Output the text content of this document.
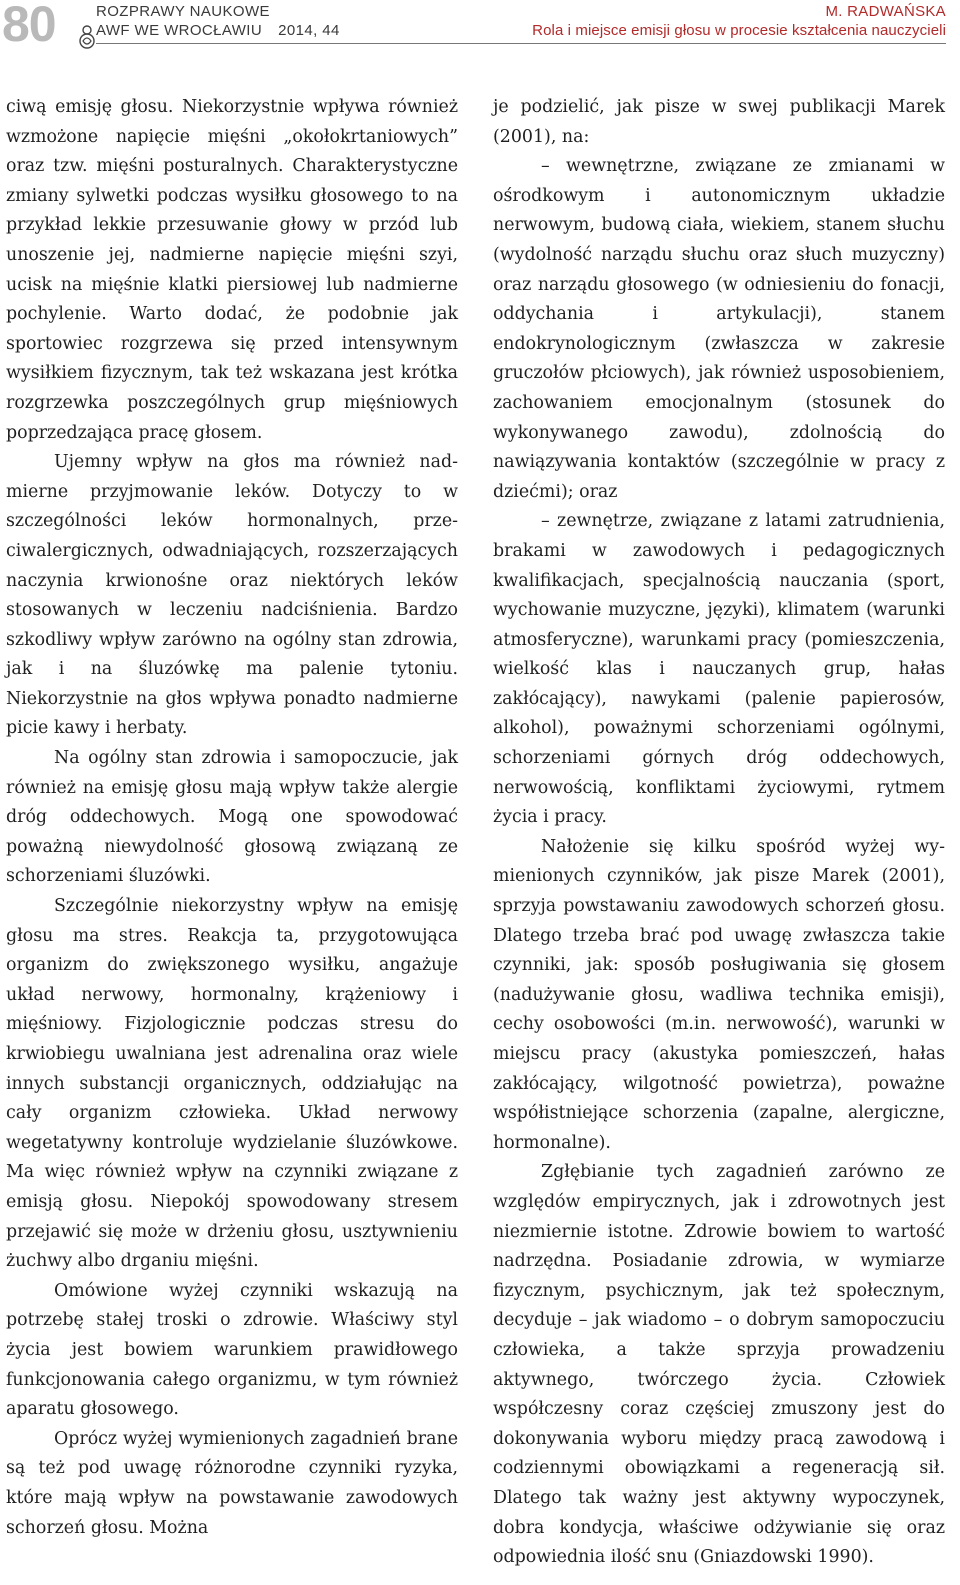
80	ROZPRAWY NAUKOWE
AWF WE WROCŁAWIU 2014, 44
M. RADWAŃSKA
Rola i miejsce emisji głosu w procesie kształcenia nauczycieli

ciwą emisję głosu. Niekorzystnie wpływa również wzmożone napięcie mięśni „okołokrtaniowych” oraz tzw. mięśni posturalnych. Charakterystyczne zmiany sylwetki podczas wysiłku głosowego to na przykład lekkie przesuwanie głowy w przód lub unoszenie jej, nadmierne napięcie mięśni szyi, ucisk na mięśnie klatki piersiowej lub nadmierne pochylenie. Warto dodać, że podobnie jak sportowiec rozgrzewa się przed intensywnym wysiłkiem fizycznym, tak też wskazana jest krótka rozgrzewka poszczególnych grup mięśniowych poprzedzająca pracę głosem.

Ujemny wpływ na głos ma również nadmierne przyjmowanie leków. Dotyczy to w szczególności leków hormonalnych, przeciwalergicznych, odwadniających, rozszerzających naczynia krwionośne oraz niektórych leków stosowanych w leczeniu nadciśnienia. Bardzo szkodliwy wpływ zarówno na ogólny stan zdrowia, jak i na śluzówkę ma palenie tytoniu. Niekorzystnie na głos wpływa ponadto nadmierne picie kawy i herbaty.

Na ogólny stan zdrowia i samopoczucie, jak również na emisję głosu mają wpływ także alergie dróg oddechowych. Mogą one spowodować poważną niewydolność głosową związaną ze schorzeniami śluzówki.

Szczególnie niekorzystny wpływ na emisję głosu ma stres. Reakcja ta, przygotowująca organizm do zwiększonego wysiłku, angażuje układ nerwowy, hormonalny, krążeniowy i mięśniowy. Fizjologicznie podczas stresu do krwiobiegu uwalniana jest adrenalina oraz wiele innych substancji organicznych, oddziałując na cały organizm człowieka. Układ nerwowy wegetatywny kontroluje wydzielanie śluzówkowe. Ma więc również wpływ na czynniki związane z emisją głosu. Niepokój spowodowany stresem przejawić się może w drżeniu głosu, usztywnieniu żuchwy albo drganiu mięśni.

Omówione wyżej czynniki wskazują na potrzebę stałej troski o zdrowie. Właściwy styl życia jest bowiem warunkiem prawidłowego funkcjonowania całego organizmu, w tym również aparatu głosowego.

Oprócz wyżej wymienionych zagadnień brane są też pod uwagę różnorodne czynniki ryzyka, które mają wpływ na powstawanie zawodowych schorzeń głosu. Można

je podzielić, jak pisze w swej publikacji Marek (2001), na:

– wewnętrzne, związane ze zmianami w ośrodkowym i autonomicznym układzie nerwowym, budową ciała, wiekiem, stanem słuchu (wydolność narządu słuchu oraz słuch muzyczny) oraz narządu głosowego (w odniesieniu do fonacji, oddychania i artykulacji), stanem endokrynologicznym (zwłaszcza w zakresie gruczołów płciowych), jak również usposobieniem, zachowaniem emocjonalnym (stosunek do wykonywanego zawodu), zdolnością do nawiązywania kontaktów (szczególnie w pracy z dziećmi); oraz

– zewnętrze, związane z latami zatrudnienia, brakami w zawodowych i pedagogicznych kwalifikacjach, specjalnością nauczania (sport, wychowanie muzyczne, języki), klimatem (warunki atmosferyczne), warunkami pracy (pomieszczenia, wielkość klas i nauczanych grup, hałas zakłócający), nawykami (palenie papierosów, alkohol), poważnymi schorzeniami ogólnymi, schorzeniami górnych dróg oddechowych, nerwowością, konfliktami życiowymi, rytmem życia i pracy.

Nałożenie się kilku spośród wyżej wymienionych czynników, jak pisze Marek (2001), sprzyja powstawaniu zawodowych schorzeń głosu. Dlatego trzeba brać pod uwagę zwłaszcza takie czynniki, jak: sposób posługiwania się głosem (nadużywanie głosu, wadliwa technika emisji), cechy osobowości (m.in. nerwowość), warunki w miejscu pracy (akustyka pomieszczeń, hałas zakłócający, wilgotność powietrza), poważne współistniejące schorzenia (zapalne, alergiczne, hormonalne).

Zgłębianie tych zagadnień zarówno ze względów empirycznych, jak i zdrowotnych jest niezmiernie istotne. Zdrowie bowiem to wartość nadrzędna. Posiadanie zdrowia, w wymiarze fizycznym, psychicznym, jak też społecznym, decyduje – jak wiadomo – o dobrym samopoczuciu człowieka, a także sprzyja prowadzeniu aktywnego, twórczego życia. Człowiek współczesny coraz częściej zmuszony jest do dokonywania wyboru między pracą zawodową i codziennymi obowiązkami a regeneracją sił. Dlatego tak ważny jest aktywny wypoczynek, dobra kondycja, właściwe odżywianie się oraz odpowiednia ilość snu (Gniazdowski 1990).
